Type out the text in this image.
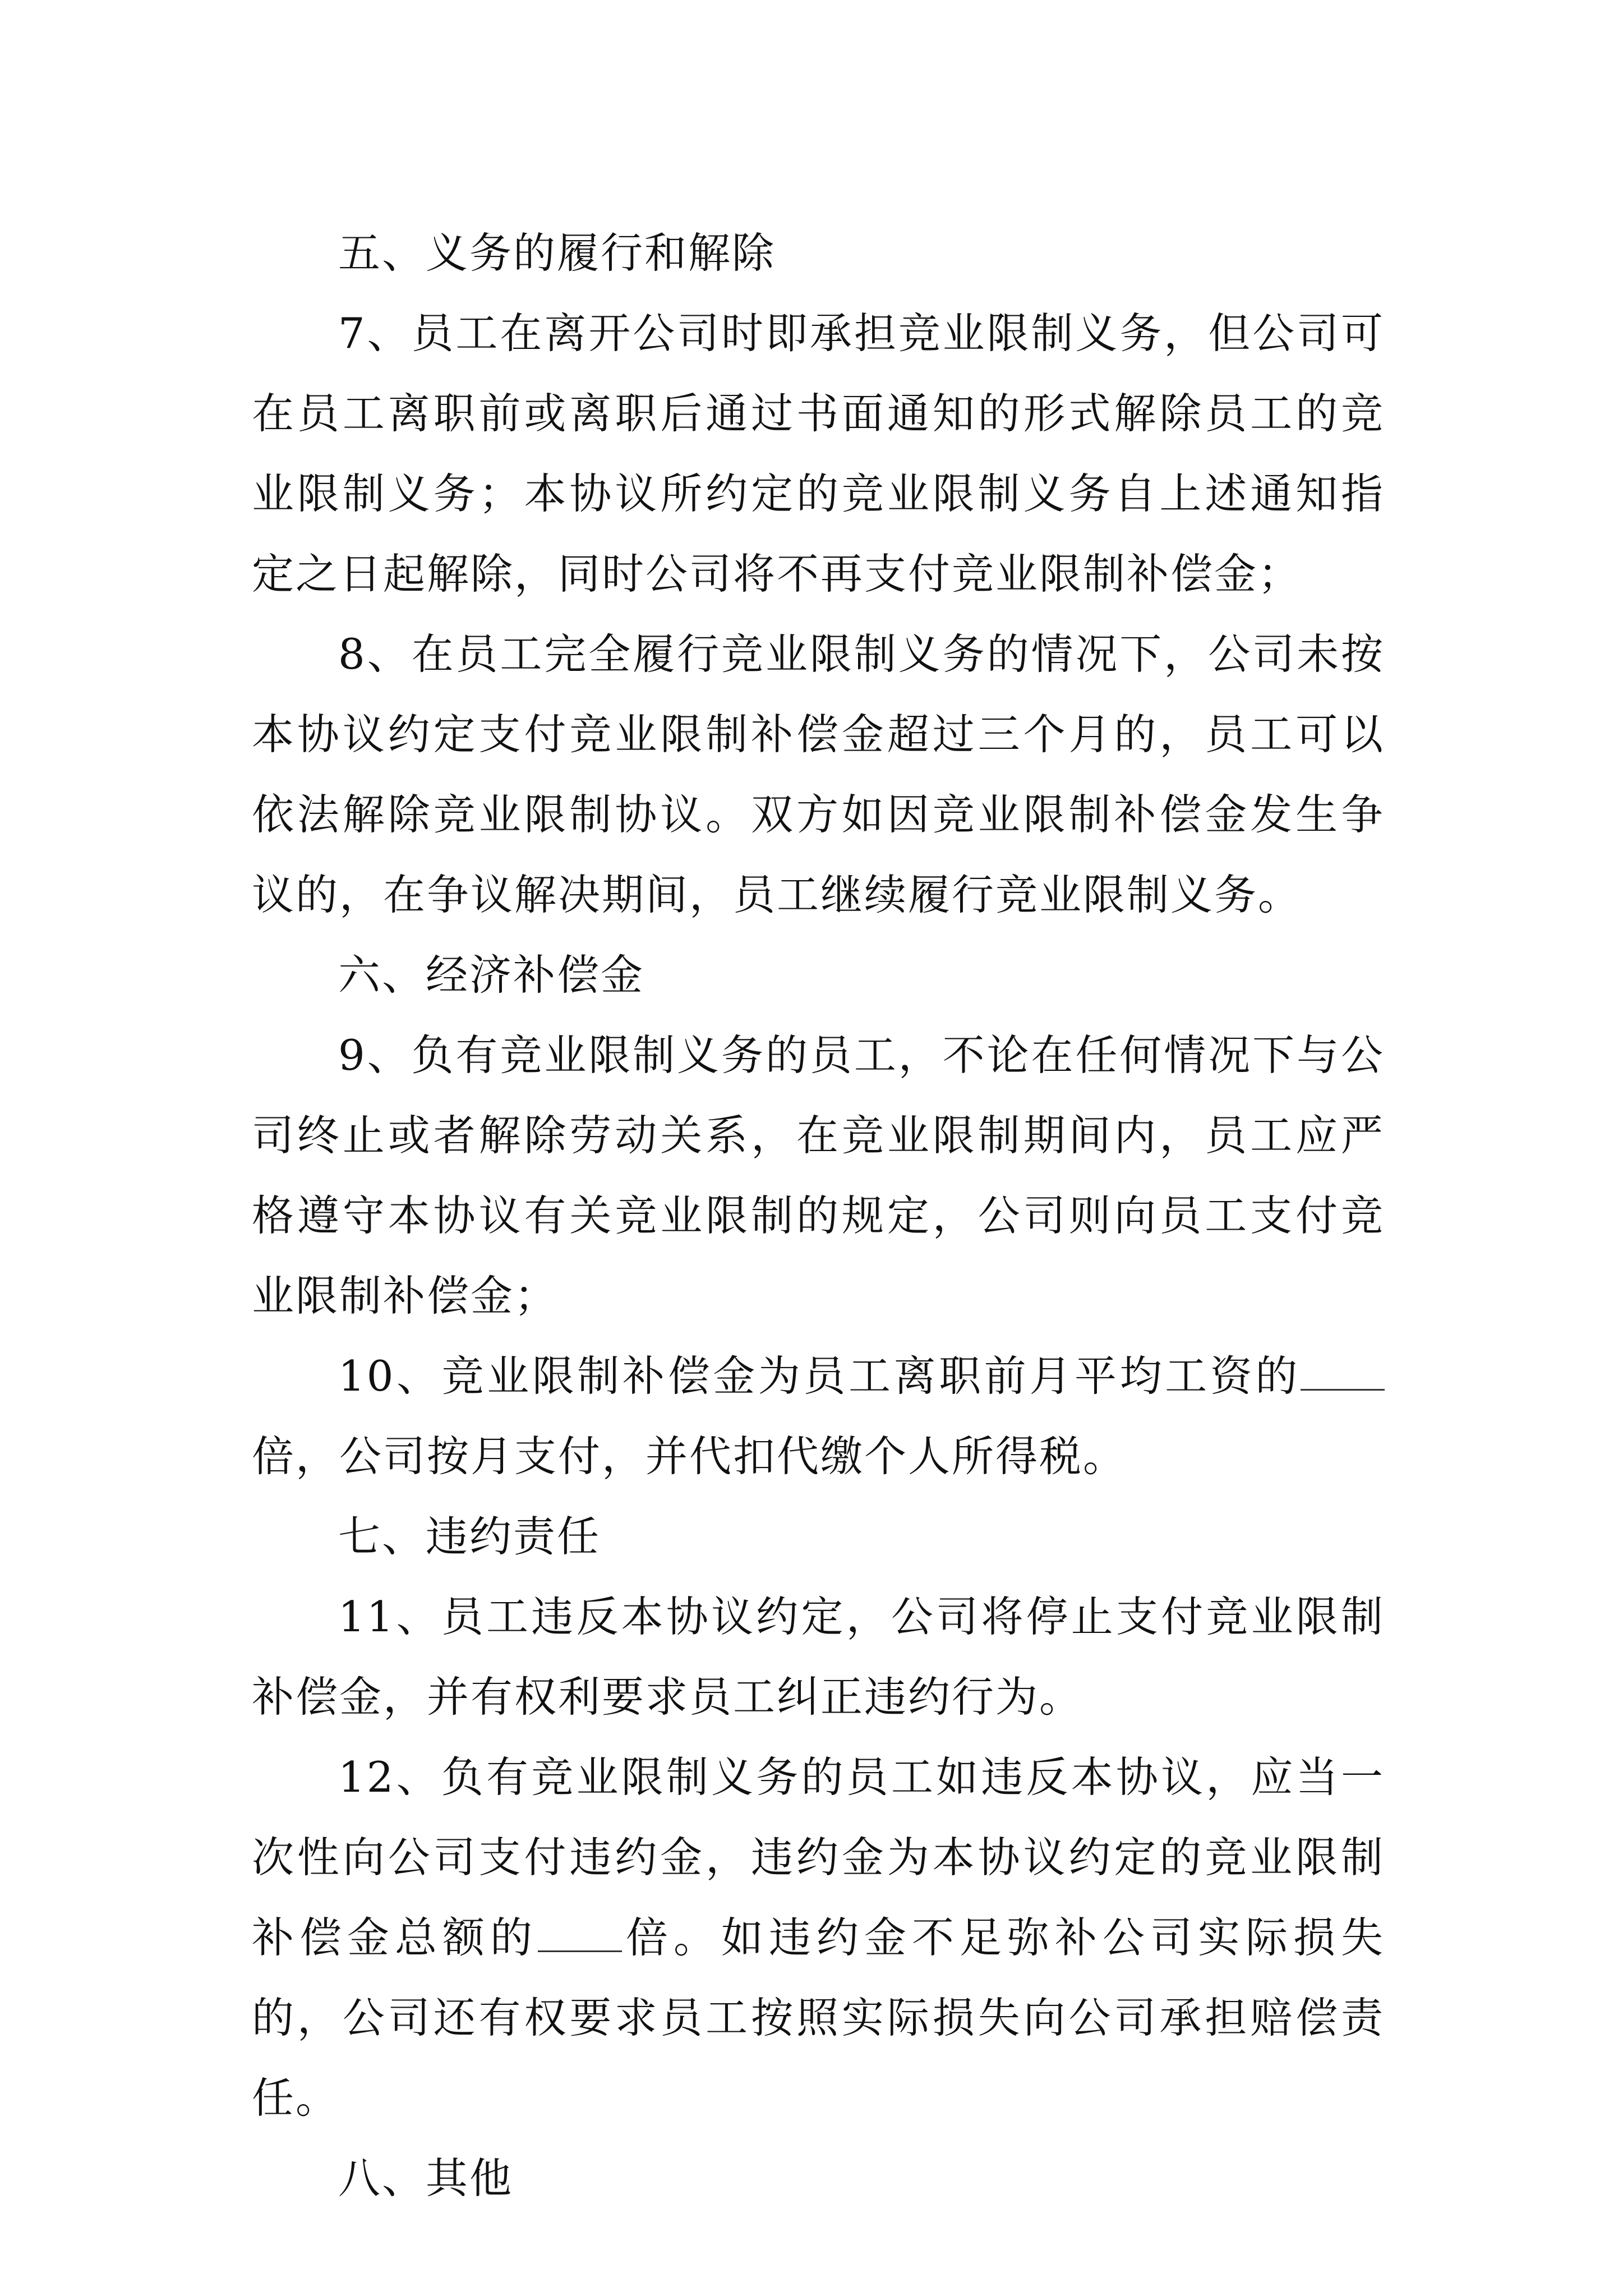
五、义务的履行和解除

7、员工在离开公司时即承担竞业限制义务，但公司可在员工离职前或离职后通过书面通知的形式解除员工的竞业限制义务；本协议所约定的竞业限制义务自上述通知指定之日起解除，同时公司将不再支付竞业限制补偿金；

8、在员工完全履行竞业限制义务的情况下，公司未按本协议约定支付竞业限制补偿金超过三个月的，员工可以依法解除竞业限制协议。双方如因竞业限制补偿金发生争议的，在争议解决期间，员工继续履行竞业限制义务。

六、经济补偿金

9、负有竞业限制义务的员工，不论在任何情况下与公司终止或者解除劳动关系，在竞业限制期间内，员工应严格遵守本协议有关竞业限制的规定，公司则向员工支付竞业限制补偿金；

10、竞业限制补偿金为员工离职前月平均工资的倍，公司按月支付，并代扣代缴个人所得税。

七、违约责任

11、员工违反本协议约定，公司将停止支付竞业限制补偿金，并有权利要求员工纠正违约行为。

12、负有竞业限制义务的员工如违反本协议，应当一次性向公司支付违约金，违约金为本协议约定的竞业限制补偿金总额的 倍。如违约金不足弥补公司实际损失的，公司还有权要求员工按照实际损失向公司承担赔偿责任。

八、其他
